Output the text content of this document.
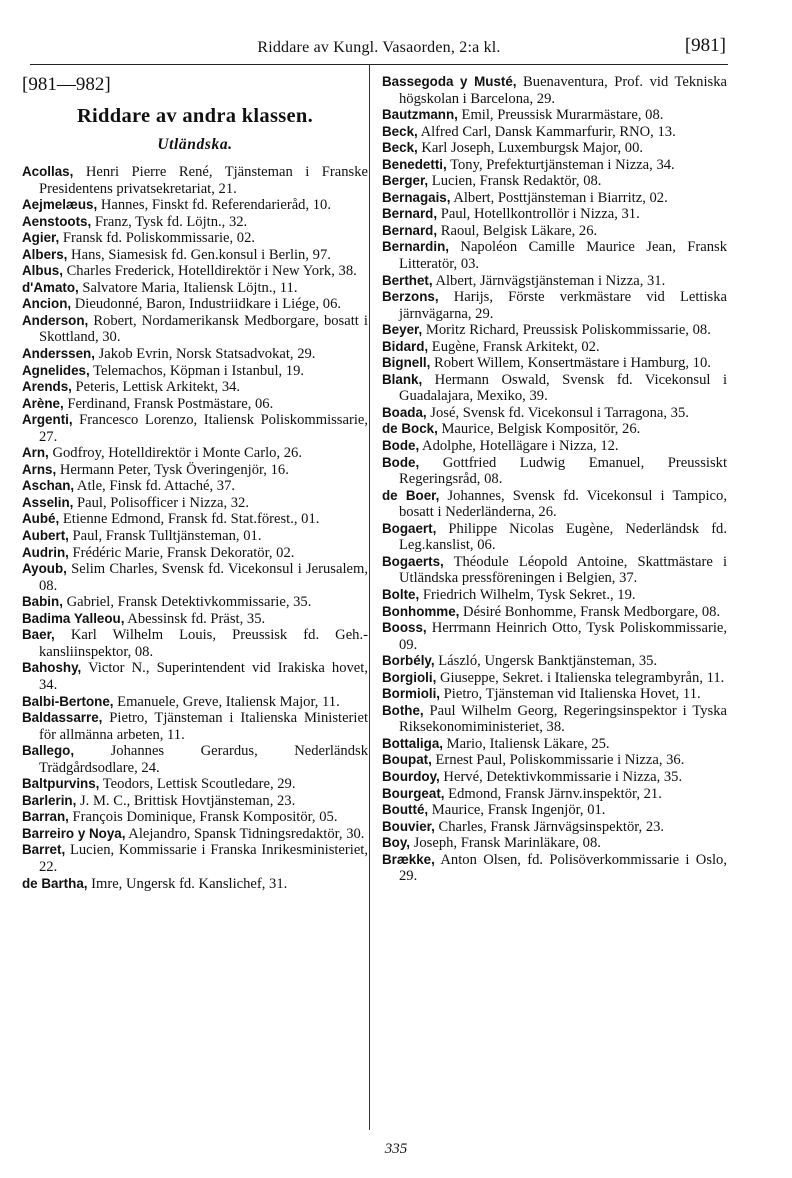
Riddare av Kungl. Vasaorden, 2:a kl.	[981]
[981—982]
Riddare av andra klassen.
Utländska.

Acollas, Henri Pierre René, Tjänsteman i Franske Presidentens privatsekretariat, 21.

Aejmelæus, Hannes, Finskt fd. Referendarieråd, 10.

Aenstoots, Franz, Tysk fd. Löjtn., 32.

Agier, Fransk fd. Poliskommissarie, 02.

Albers, Hans, Siamesisk fd. Gen.konsul i Berlin, 97.

Albus, Charles Frederick, Hotelldirektör i New York, 38.

d'Amato, Salvatore Maria, Italiensk Löjtn., 11.

Ancion, Dieudonné, Baron, Industriidkare i Liége, 06.

Anderson, Robert, Nordamerikansk Medborgare, bosatt i Skottland, 30.

Anderssen, Jakob Evrin, Norsk Statsadvokat, 29.

Agnelides, Telemachos, Köpman i Istanbul, 19.

Arends, Peteris, Lettisk Arkitekt, 34.

Arène, Ferdinand, Fransk Postmästare, 06.

Argenti, Francesco Lorenzo, Italiensk Poliskommissarie, 27.

Arn, Godfroy, Hotelldirektör i Monte Carlo, 26.

Arns, Hermann Peter, Tysk Överingenjör, 16.

Aschan, Atle, Finsk fd. Attaché, 37.

Asselin, Paul, Polisofficer i Nizza, 32.

Aubé, Etienne Edmond, Fransk fd. Stat.förest., 01.

Aubert, Paul, Fransk Tulltjänsteman, 01.

Audrin, Frédéric Marie, Fransk Dekoratör, 02.

Ayoub, Selim Charles, Svensk fd. Vicekonsul i Jerusalem, 08.

Babin, Gabriel, Fransk Detektivkommissarie, 35.

Badima Yalleou, Abessinsk fd. Präst, 35.

Baer, Karl Wilhelm Louis, Preussisk fd. Geh.-kansliinspektor, 08.

Bahoshy, Victor N., Superintendent vid Irakiska hovet, 34.

Balbi-Bertone, Emanuele, Greve, Italiensk Major, 11.

Baldassarre, Pietro, Tjänsteman i Italienska Ministeriet för allmänna arbeten, 11.

Ballego, Johannes Gerardus, Nederländsk Trädgårdsodlare, 24.

Baltpurvins, Teodors, Lettisk Scoutledare, 29.

Barlerin, J. M. C., Brittisk Hovtjänsteman, 23.

Barran, François Dominique, Fransk Kompositör, 05.

Barreiro y Noya, Alejandro, Spansk Tidningsredaktör, 30.

Barret, Lucien, Kommissarie i Franska Inrikesministeriet, 22.

de Bartha, Imre, Ungersk fd. Kanslichef, 31.

Bassegoda y Musté, Buenaventura, Prof. vid Tekniska högskolan i Barcelona, 29.

Bautzmann, Emil, Preussisk Murarmästare, 08.

Beck, Alfred Carl, Dansk Kammarfurir, RNO, 13.

Beck, Karl Joseph, Luxemburgsk Major, 00.

Benedetti, Tony, Prefekturtjänsteman i Nizza, 34.

Berger, Lucien, Fransk Redaktör, 08.

Bernagais, Albert, Posttjänsteman i Biarritz, 02.

Bernard, Paul, Hotellkontrollör i Nizza, 31.

Bernard, Raoul, Belgisk Läkare, 26.

Bernardin, Napoléon Camille Maurice Jean, Fransk Litteratör, 03.

Berthet, Albert, Järnvägstjänsteman i Nizza, 31.

Berzons, Harijs, Förste verkmästare vid Lettiska järnvägarna, 29.

Beyer, Moritz Richard, Preussisk Poliskommissarie, 08.

Bidard, Eugène, Fransk Arkitekt, 02.

Bignell, Robert Willem, Konsertmästare i Hamburg, 10.

Blank, Hermann Oswald, Svensk fd. Vicekonsul i Guadalajara, Mexiko, 39.

Boada, José, Svensk fd. Vicekonsul i Tarragona, 35.

de Bock, Maurice, Belgisk Kompositör, 26.

Bode, Adolphe, Hotellägare i Nizza, 12.

Bode, Gottfried Ludwig Emanuel, Preussiskt Regeringsråd, 08.

de Boer, Johannes, Svensk fd. Vicekonsul i Tampico, bosatt i Nederländerna, 26.

Bogaert, Philippe Nicolas Eugène, Nederländsk fd. Leg.kanslist, 06.

Bogaerts, Théodule Léopold Antoine, Skattmästare i Utländska pressföreningen i Belgien, 37.

Bolte, Friedrich Wilhelm, Tysk Sekret., 19.

Bonhomme, Désiré Bonhomme, Fransk Medborgare, 08.

Booss, Herrmann Heinrich Otto, Tysk Poliskommissarie, 09.

Borbély, László, Ungersk Banktjänsteman, 35.

Borgioli, Giuseppe, Sekret. i Italienska telegrambyrån, 11.

Bormioli, Pietro, Tjänsteman vid Italienska Hovet, 11.

Bothe, Paul Wilhelm Georg, Regeringsinspektor i Tyska Riksekonomiministeriet, 38.

Bottaliga, Mario, Italiensk Läkare, 25.

Boupat, Ernest Paul, Poliskommissarie i Nizza, 36.

Bourdoy, Hervé, Detektivkommissarie i Nizza, 35.

Bourgeat, Edmond, Fransk Järnv.inspektör, 21.

Boutté, Maurice, Fransk Ingenjör, 01.

Bouvier, Charles, Fransk Järnvägsinspektör, 23.

Boy, Joseph, Fransk Marinläkare, 08.

Brække, Anton Olsen, fd. Polisöverkommissarie i Oslo, 29.

335
